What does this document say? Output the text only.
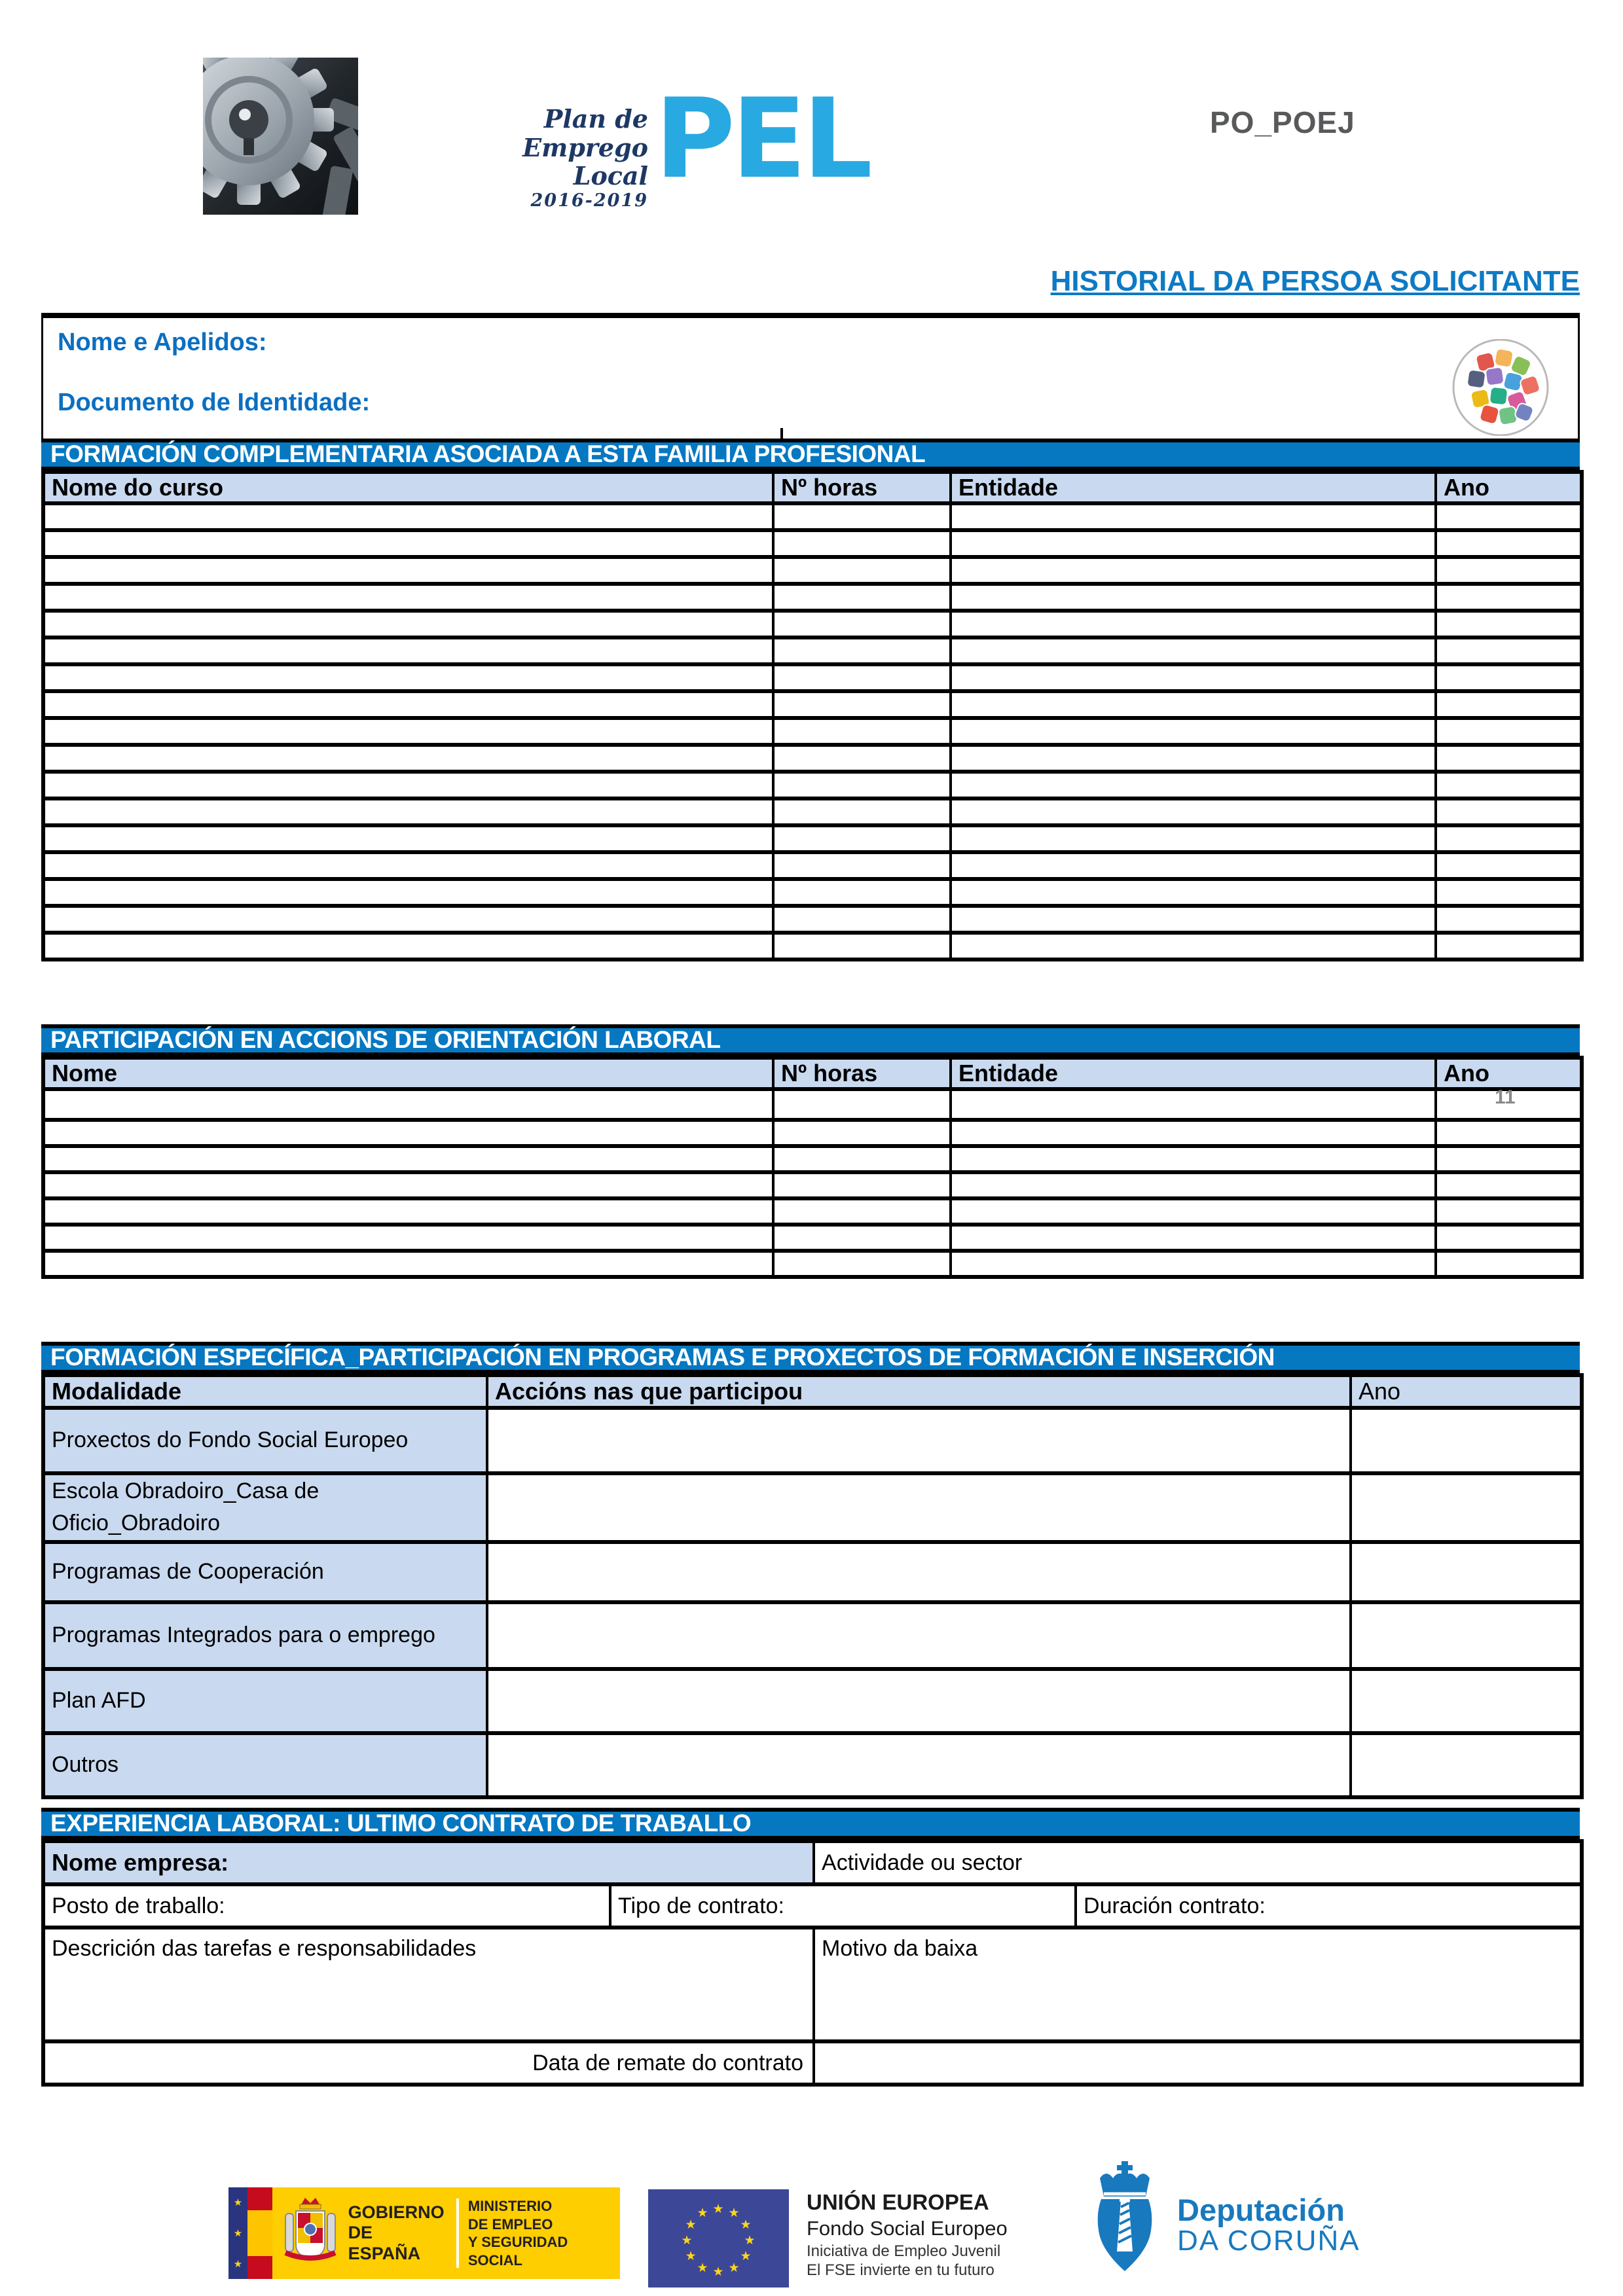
Plan de
Emprego Local
2016-2019 PEL	PO_POEJ
HISTORIAL DA PERSOA SOLICITANTE
Nome e Apelidos:
Documento de Identidade:
FORMACIÓN COMPLEMENTARIA ASOCIADA A ESTA FAMILIA PROFESIONAL
Nome do curso	Nº horas	Entidade	Ano

PARTICIPACIÓN EN ACCIONS DE ORIENTACIÓN LABORAL
Nome	Nº horas	Entidade	Ano

11
FORMACIÓN ESPECÍFICA_PARTICIPACIÓN EN PROGRAMAS E PROXECTOS DE FORMACIÓN E INSERCIÓN
Modalidade	Accións nas que participou	Ano
Proxectos do Fondo Social Europeo		
Escola Obradoiro_Casa de Oficio_Obradoiro		
Programas de Cooperación		
Programas Integrados para o emprego		
Plan AFD		
Outros		
EXPERIENCIA LABORAL: ULTIMO CONTRATO DE TRABALLO
Nome empresa:		Actividade ou sector	
Posto de traballo:	Tipo de contrato:		Duración contrato:
Descrición das tarefas e responsabilidades		Motivo da baixa	
Data de remate do contrato			
★
★
★
GOBIERNO
DE ESPAÑA
MINISTERIO
DE EMPLEO
Y SEGURIDAD SOCIAL
★ ★
★
★
★
★
★
★
★
★
★
★	UNIÓN EUROPEA
Fondo Social Europeo
Iniciativa de Empleo Juvenil
El FSE invierte en tu futuro
Deputación
DA CORUÑA
